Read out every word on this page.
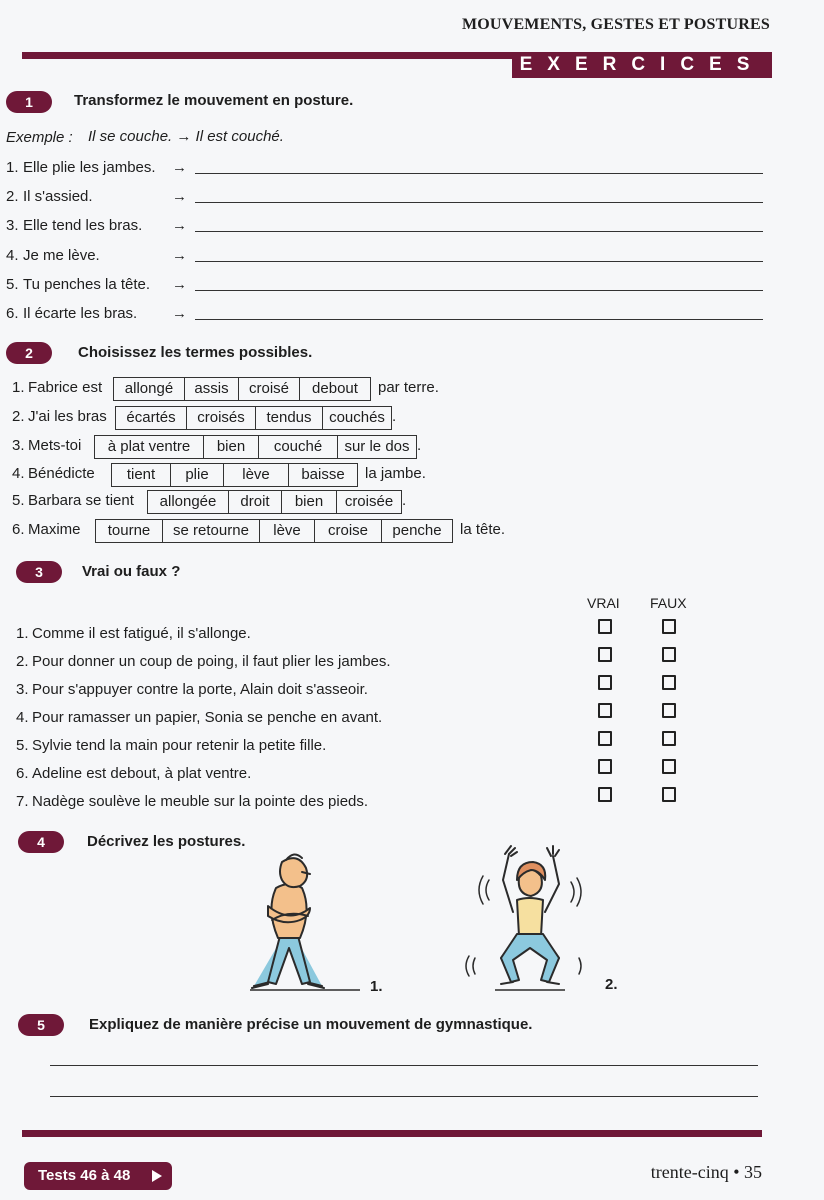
MOUVEMENTS, GESTES ET POSTURES
EXERCICES
1	Transformez le mouvement en posture.
Exemple : Il se couche. → Il est couché.
1. Elle plie les jambes. →
2. Il s'assied.	→
3. Elle tend les bras. →
4. Je me lève.	→
5. Tu penches la tête. →
6. Il écarte les bras. →
2	Choisissez les termes possibles.
1. Fabrice est	allongé	assis	croisé	debout	par terre.
2. J'ai les bras	écartés	croisés	tendus	couchés .
3. Mets-toi	à plat ventre	bien	couché	sur le dos .
4. Bénédicte	tient	plie	lève	baisse	la jambe.
5. Barbara se tient	allongée	droit	bien	croisée .
6. Maxime	tourne	se retourne	lève	croise	penche	la tête.
3	Vrai ou faux ?
VRAI FAUX
1. Comme il est fatigué, il s'allonge.
2. Pour donner un coup de poing, il faut plier les jambes.
3. Pour s'appuyer contre la porte, Alain doit s'asseoir.
4. Pour ramasser un papier, Sonia se penche en avant.
5. Sylvie tend la main pour retenir la petite fille.
6. Adeline est debout, à plat ventre.
7. Nadège soulève le meuble sur la pointe des pieds.
4	Décrivez les postures.
1.	2.
5	Expliquez de manière précise un mouvement de gymnastique.
Tests 46 à 48	trente-cinq • 35
